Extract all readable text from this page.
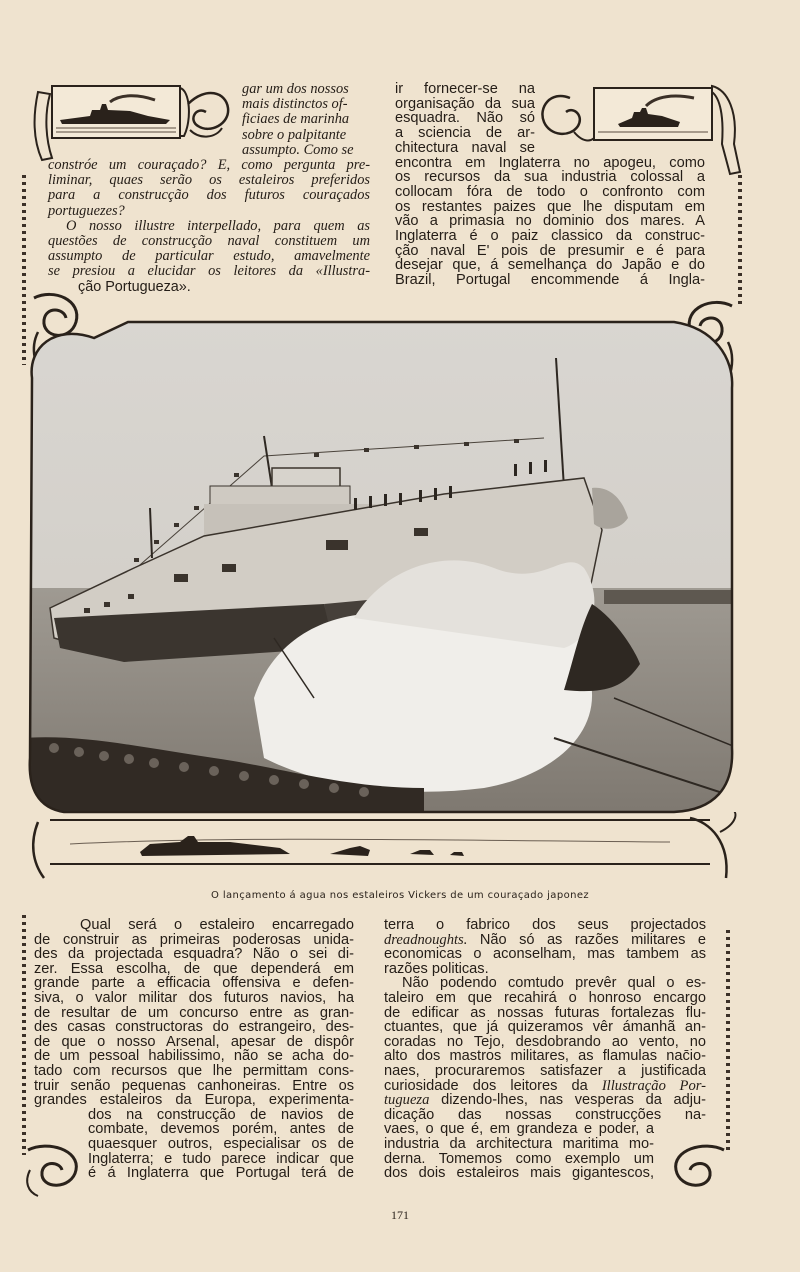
gar um dos nossos
mais distinctos of-
ficiaes de marinha
sobre o palpitante
assumpto. Como se
constróe um couraçado? E, como pergunta pre-
liminar, quaes serão os estaleiros preferidos
para a construcção dos futuros couraçados
portuguezes?
O nosso illustre interpellado, para quem as
questões de construcção naval constituem um
assumpto de particular estudo, amavelmente
se presiou a elucidar os leitores da «Illustra-
ção Portugueza».
ir fornecer-se na
organisação da sua
esquadra. Não só
a sciencia de ar-
chitectura naval se
encontra em Inglaterra no apogeu, como
os recursos da sua industria colossal a
collocam fóra de todo o confronto com
os restantes paizes que lhe disputam em
vão a primasia no dominio dos mares. A
Inglaterra é o paiz classico da construc-
ção naval E' pois de presumir e é para
desejar que, á semelhança do Japão e do
Brazil, Portugal encommende á Ingla-
O lançamento á agua nos estaleiros Vickers de um couraçado japonez
Qual será o estaleiro encarregado
de construir as primeiras poderosas unida-
des da projectada esquadra? Não o sei di-
zer. Essa escolha, de que dependerá em
grande parte a efficacia offensiva e defen-
siva, o valor militar dos futuros navios, ha
de resultar de um concurso entre as gran-
des casas constructoras do estrangeiro, des-
de que o nosso Arsenal, apesar de dispôr
de um pessoal habilissimo, não se acha do-
tado com recursos que lhe permittam cons-
truir senão pequenas canhoneiras. Entre os
grandes estaleiros da Europa, experimenta-
dos na construcção de navios de
combate, devemos porém, antes de
quaesquer outros, especialisar os de
Inglaterra; e tudo parece indicar que
é á Inglaterra que Portugal terá de
terra o fabrico dos seus projectados
dreadnoughts. Não só as razões militares e
economicas o aconselham, mas tambem as
razões politicas.
Não podendo comtudo prevêr qual o es-
taleiro em que recahirá o honroso encargo
de edificar as nossas futuras fortalezas flu-
ctuantes, que já quizeramos vêr ámanhã an-
coradas no Tejo, desdobrando ao vento, no
alto dos mastros militares, as flamulas nac̄io-
naes, procuraremos satisfazer a justificada
curiosidade dos leitores da Illustração Por-
tugueza dizendo-lhes, nas vesperas da adju-
dicação das nossas construcções na-
vaes, o que é, em grandeza e poder, a
industria da architectura maritima mo-
derna. Tomemos como exemplo um
dos dois estaleiros mais gigantescos,
171
